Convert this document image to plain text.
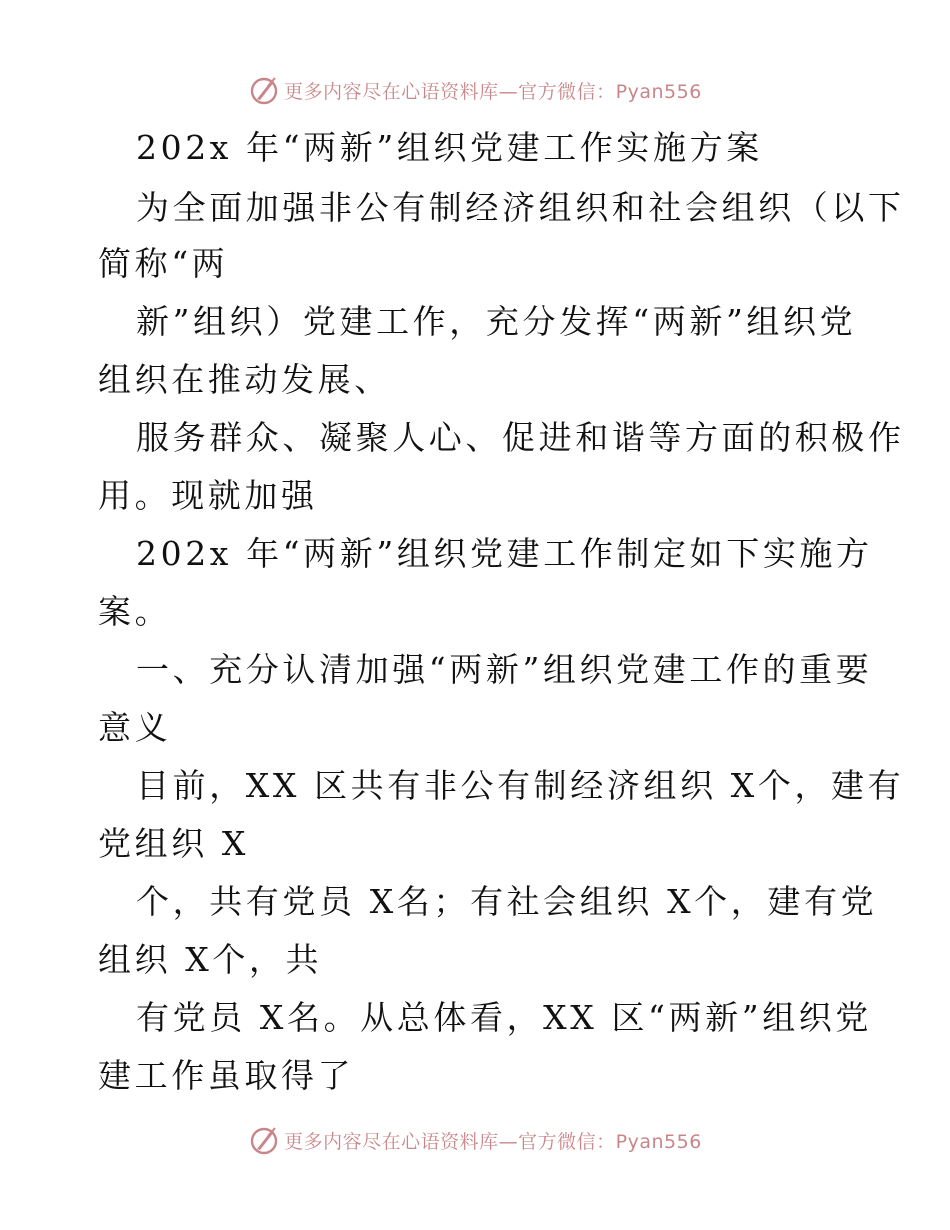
更多内容尽在心语资料库—官方微信：Pyan556
202x 年“两新”组织党建工作实施方案
为全面加强非公有制经济组织和社会组织（以下
简称“两
新”组织）党建工作，充分发挥“两新”组织党
组织在推动发展、
服务群众、凝聚人心、促进和谐等方面的积极作
用。现就加强
202x 年“两新”组织党建工作制定如下实施方
案。
一、充分认清加强“两新”组织党建工作的重要
意义
目前，XX 区共有非公有制经济组织 X个，建有
党组织 X
个，共有党员 X名；有社会组织 X个，建有党
组织 X个，共
有党员 X名。从总体看，XX 区“两新”组织党
建工作虽取得了
更多内容尽在心语资料库—官方微信：Pyan556
